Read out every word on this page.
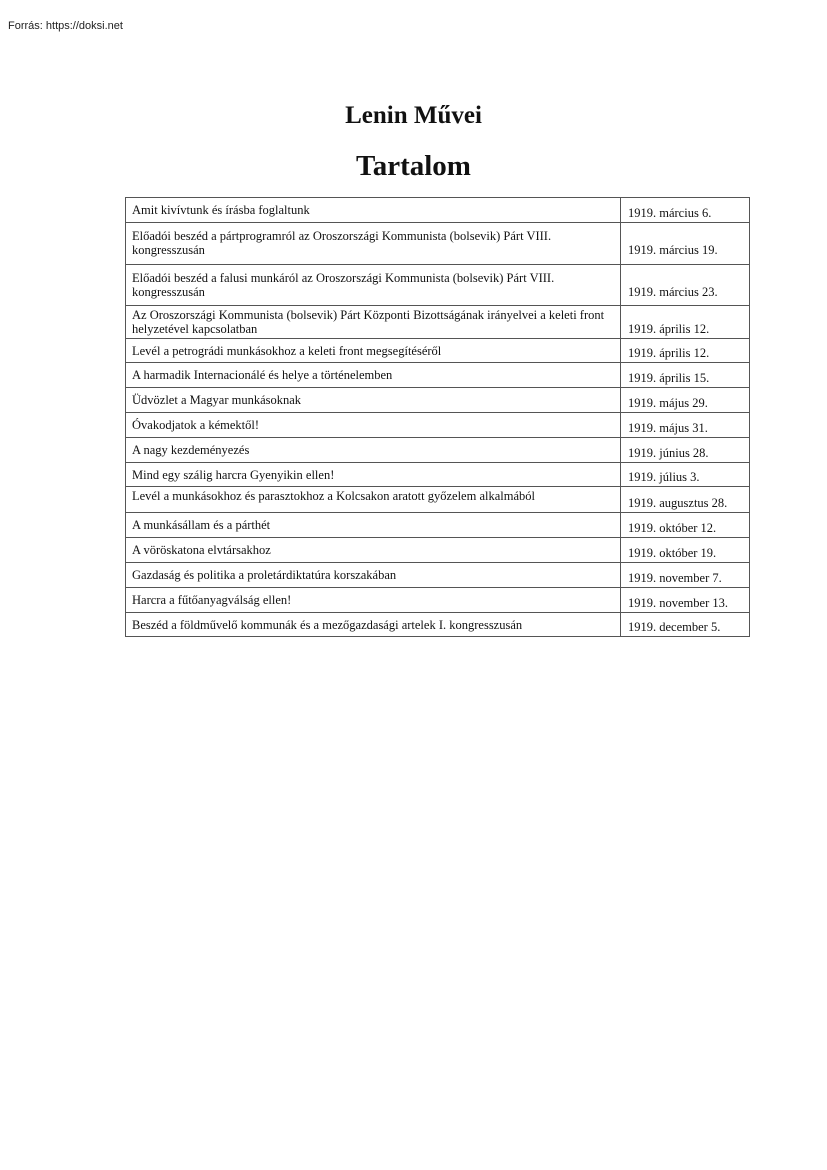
Forrás: https://doksi.net
Lenin Művei
Tartalom
Amit kivívtunk és írásba foglaltunk	1919. március 6.
Előadói beszéd a pártprogramról az Oroszországi Kommunista (bolsevik) Párt VIII. kongresszusán	1919. március 19.
Előadói beszéd a falusi munkáról az Oroszországi Kommunista (bolsevik) Párt VIII. kongresszusán	1919. március 23.
Az Oroszországi Kommunista (bolsevik) Párt Központi Bizottságának irányelvei a keleti front helyzetével kapcsolatban	1919. április 12.
Levél a petrográdi munkásokhoz a keleti front megsegítéséről	1919. április 12.
A harmadik Internacionálé és helye a történelemben	1919. április 15.
Üdvözlet a Magyar munkásoknak	1919. május 29.
Óvakodjatok a kémektől!	1919. május 31.
A nagy kezdeményezés	1919. június 28.
Mind egy szálig harcra Gyenyikin ellen!	1919. július 3.
Levél a munkásokhoz és parasztokhoz a Kolcsakon aratott győzelem alkalmából	1919. augusztus 28.
A munkásállam és a párthét	1919. október 12.
A vöröskatona elvtársakhoz	1919. október 19.
Gazdaság és politika a proletárdiktatúra korszakában	1919. november 7.
Harcra a fűtőanyagválság ellen!	1919. november 13.
Beszéd a földművelő kommunák és a mezőgazdasági artelek I. kongresszusán	1919. december 5.
